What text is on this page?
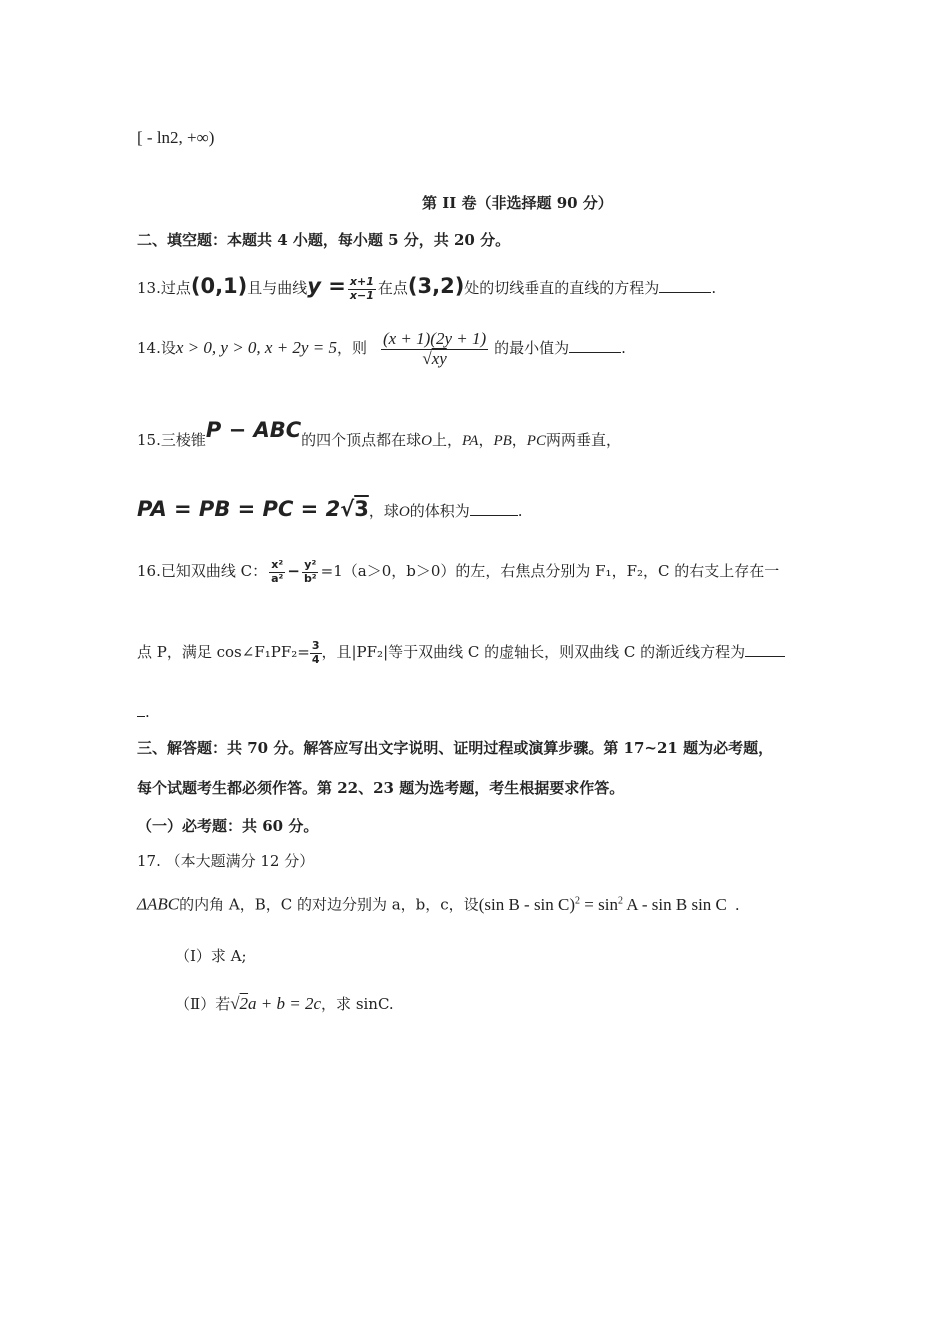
[ - ln2, +∞)
第 II 卷（非选择题 90 分）
二、填空题：本题共 4 小题，每小题 5 分，共 20 分。
13.过点(0,1)且与曲线$y = \frac{x+1}{x-1}$ 在点(3,2)处的切线垂直的直线的方程为	.
14.设x > 0, y > 0, x + 2y = 5，则 $\frac{(x + 1)(2y + 1)}{√xy}$ 的最小值为	.
15.三棱锥P − ABC的四个顶点都在球O上，PA，PB，PC两两垂直，
PA = PB = PC = 2√3，球O的体积为	.
16.已知双曲线 C： $\frac{\text{x²}}{\text{a²}} - \frac{\text{y²}}{\text{b²}} =1(a>0$，b＞0）的左，右焦点分别为 F₁，F₂，C 的右支上存在一
点 P，满足 cos∠F₁PF₂= $\frac{3}{4}$ ，且|PF₂|等于双曲线 C 的虚轴长，则双曲线 C 的渐近线方程为
.
三、解答题：共 70 分。解答应写出文字说明、证明过程或演算步骤。第 17~21 题为必考题，
每个试题考生都必须作答。第 22、23 题为选考题，考生根据要求作答。
（一）必考题：共 60 分。
17. （本大题满分 12 分）
ΔABC的内角 A，B，C 的对边分别为 a，b，c，设(sin $B - \sin C)^2 = \sin^2 A - \sin B$ sin C .
（Ⅰ）求 A;
（Ⅱ）若√2a + b = 2c，求 sinC.
